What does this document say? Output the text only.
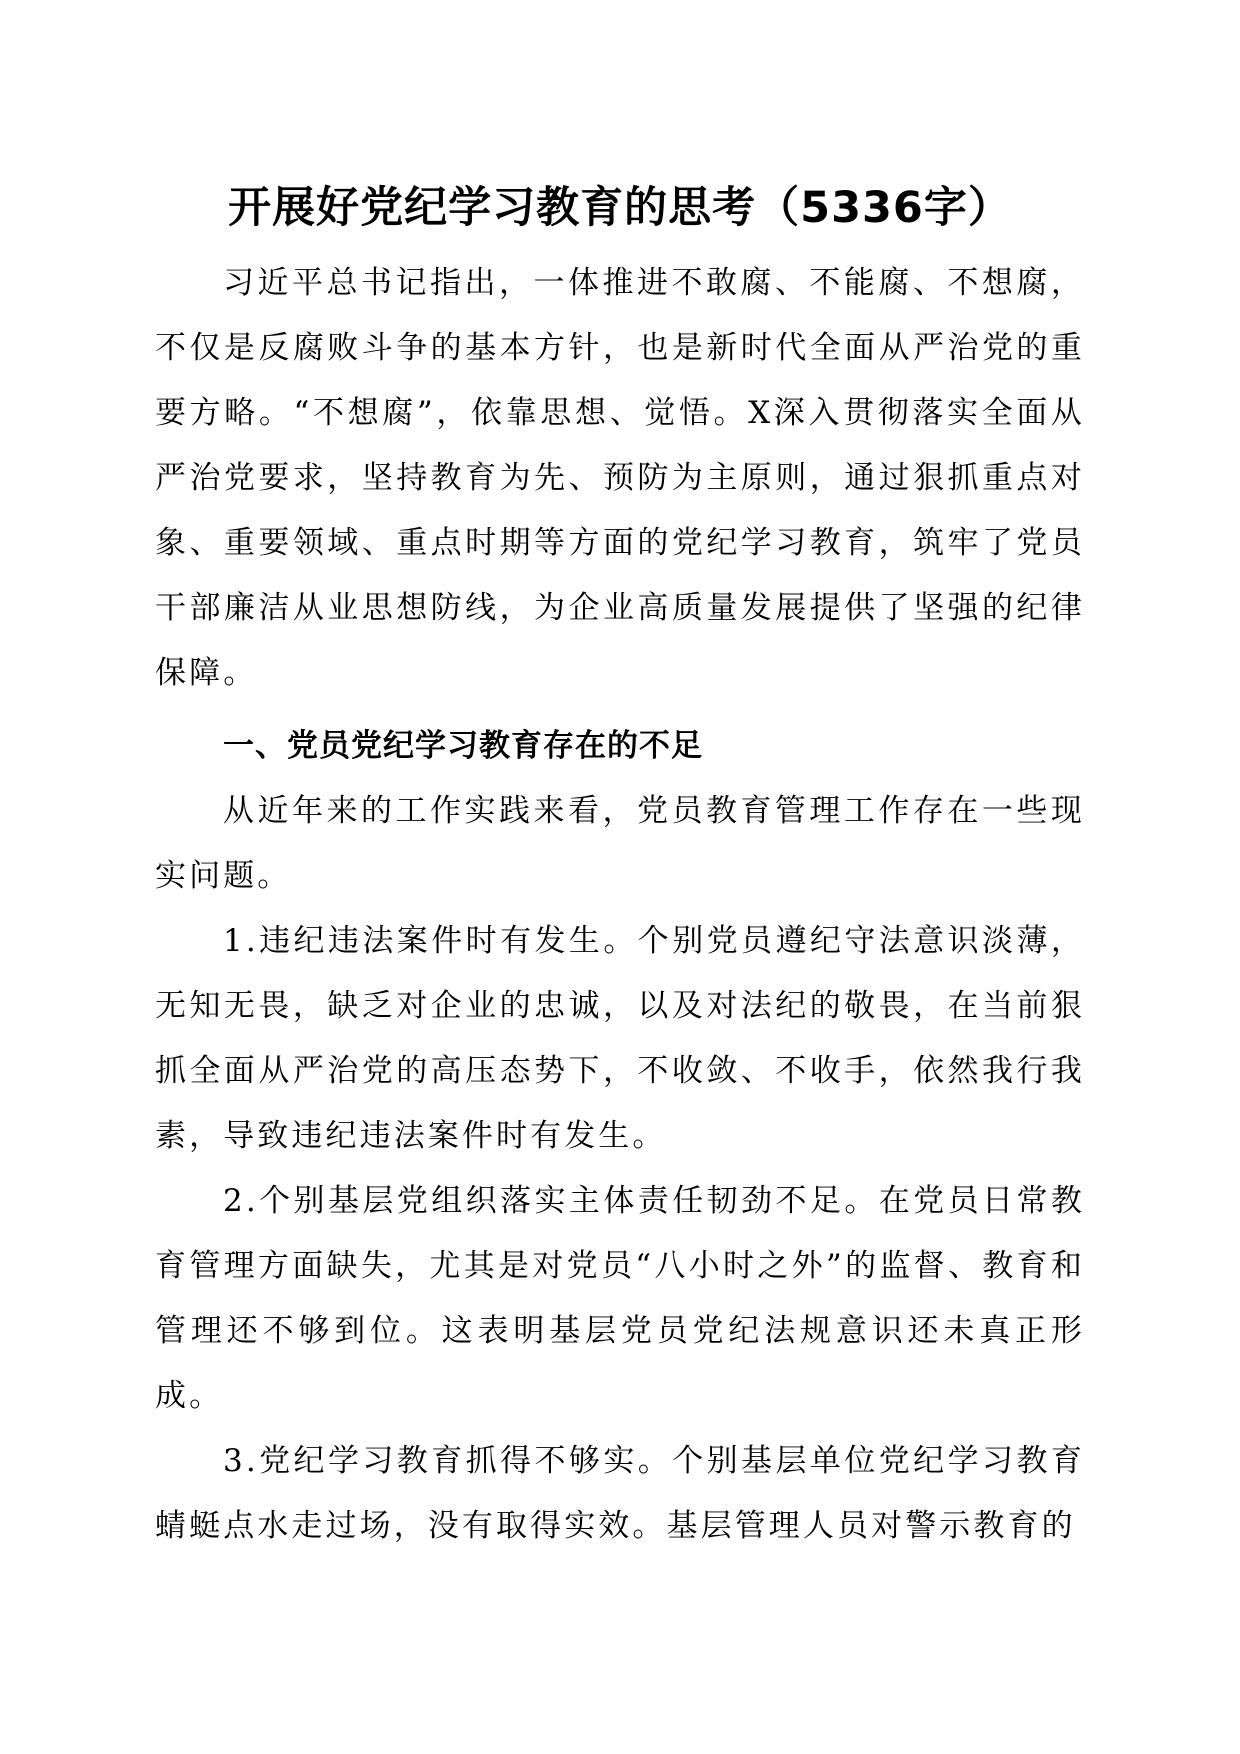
开展好党纪学习教育的思考（5336字）

习近平总书记指出，一体推进不敢腐、不能腐、不想腐，不仅是反腐败斗争的基本方针，也是新时代全面从严治党的重要方略。“不想腐”，依靠思想、觉悟。X深入贯彻落实全面从严治党要求，坚持教育为先、预防为主原则，通过狠抓重点对象、重要领域、重点时期等方面的党纪学习教育，筑牢了党员干部廉洁从业思想防线，为企业高质量发展提供了坚强的纪律保障。

一、党员党纪学习教育存在的不足

从近年来的工作实践来看，党员教育管理工作存在一些现实问题。

1.违纪违法案件时有发生。个别党员遵纪守法意识淡薄，无知无畏，缺乏对企业的忠诚，以及对法纪的敬畏，在当前狠抓全面从严治党的高压态势下，不收敛、不收手，依然我行我素，导致违纪违法案件时有发生。

2.个别基层党组织落实主体责任韧劲不足。在党员日常教育管理方面缺失，尤其是对党员“八小时之外”的监督、教育和管理还不够到位。这表明基层党员党纪法规意识还未真正形成。

3.党纪学习教育抓得不够实。个别基层单位党纪学习教育蜻蜓点水走过场，没有取得实效。基层管理人员对警示教育的
